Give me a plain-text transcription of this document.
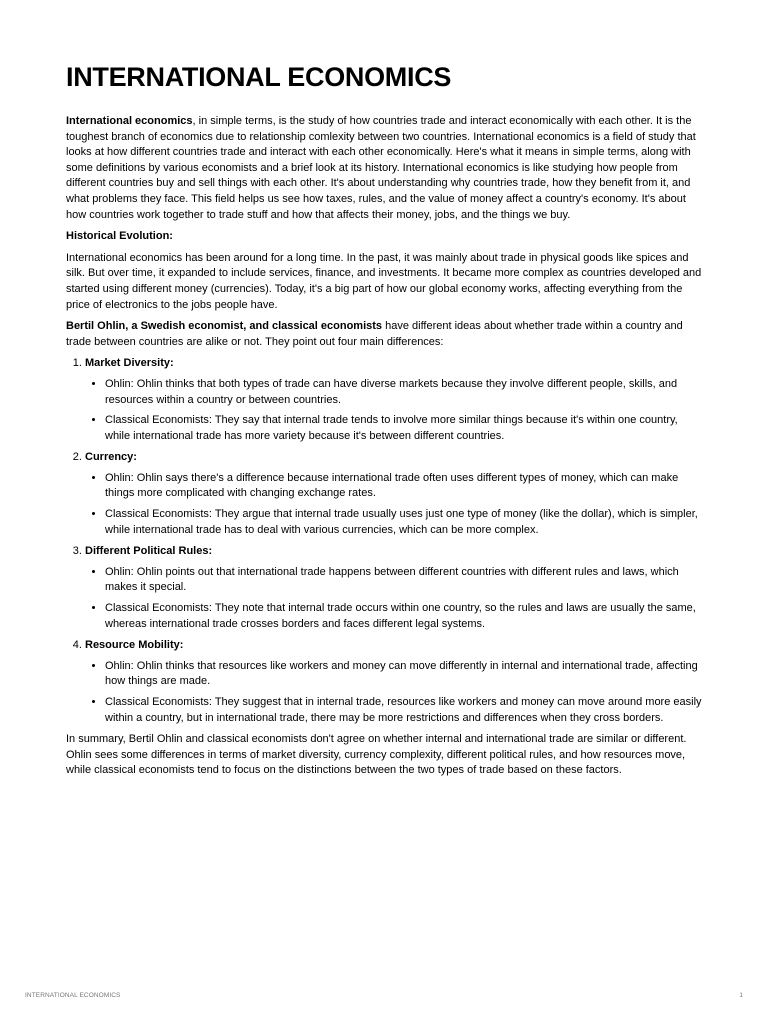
INTERNATIONAL ECONOMICS

International economics, in simple terms, is the study of how countries trade and interact economically with each other. It is the toughest branch of economics due to relationship comlexity between two countries. International economics is a field of study that looks at how different countries trade and interact with each other economically. Here's what it means in simple terms, along with some definitions by various economists and a brief look at its history. International economics is like studying how people from different countries buy and sell things with each other. It's about understanding why countries trade, how they benefit from it, and what problems they face. This field helps us see how taxes, rules, and the value of money affect a country's economy. It's about how countries work together to trade stuff and how that affects their money, jobs, and the things we buy.

Historical Evolution:

International economics has been around for a long time. In the past, it was mainly about trade in physical goods like spices and silk. But over time, it expanded to include services, finance, and investments. It became more complex as countries developed and started using different money (currencies). Today, it's a big part of how our global economy works, affecting everything from the price of electronics to the jobs people have.

Bertil Ohlin, a Swedish economist, and classical economists have different ideas about whether trade within a country and trade between countries are alike or not. They point out four main differences:

1. Market Diversity:
• Ohlin: Ohlin thinks that both types of trade can have diverse markets because they involve different people, skills, and resources within a country or between countries.
• Classical Economists: They say that internal trade tends to involve more similar things because it's within one country, while international trade has more variety because it's between different countries.
2. Currency:
• Ohlin: Ohlin says there's a difference because international trade often uses different types of money, which can make things more complicated with changing exchange rates.
• Classical Economists: They argue that internal trade usually uses just one type of money (like the dollar), which is simpler, while international trade has to deal with various currencies, which can be more complex.
3. Different Political Rules:
• Ohlin: Ohlin points out that international trade happens between different countries with different rules and laws, which makes it special.
• Classical Economists: They note that internal trade occurs within one country, so the rules and laws are usually the same, whereas international trade crosses borders and faces different legal systems.
4. Resource Mobility:
• Ohlin: Ohlin thinks that resources like workers and money can move differently in internal and international trade, affecting how things are made.
• Classical Economists: They suggest that in internal trade, resources like workers and money can move around more easily within a country, but in international trade, there may be more restrictions and differences when they cross borders.

In summary, Bertil Ohlin and classical economists don't agree on whether internal and international trade are similar or different. Ohlin sees some differences in terms of market diversity, currency complexity, different political rules, and how resources move, while classical economists tend to focus on the distinctions between the two types of trade based on these factors.

INTERNATIONAL ECONOMICS	1
